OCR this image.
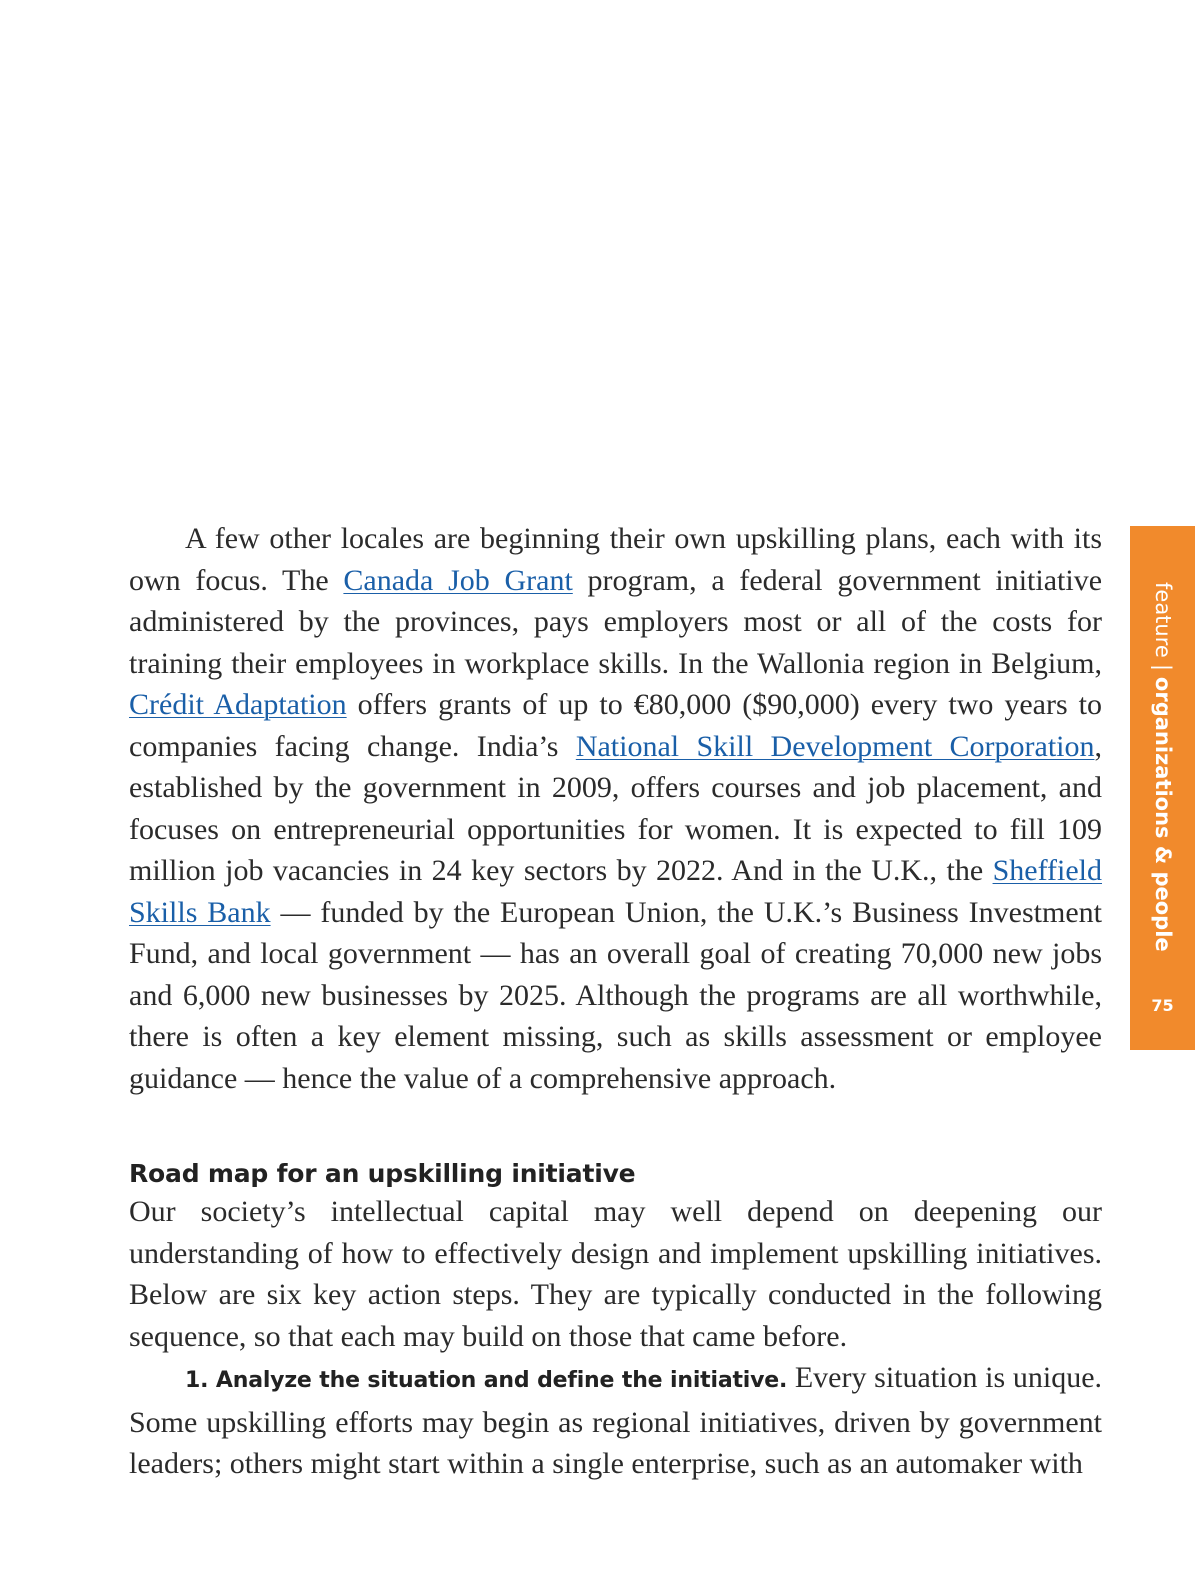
A few other locales are beginning their own upskilling plans, each with its own focus. The Canada Job Grant program, a federal government initiative administered by the provinces, pays employers most or all of the costs for training their employees in workplace skills. In the Wallonia region in Belgium, Crédit Adaptation offers grants of up to €80,000 ($90,000) every two years to companies facing change. India’s National Skill Development Corporation, established by the government in 2009, offers courses and job placement, and focuses on entrepreneurial opportunities for women. It is expected to fill 109 million job vacancies in 24 key sectors by 2022. And in the U.K., the Sheffield Skills Bank — funded by the European Union, the U.K.’s Business Investment Fund, and local government — has an overall goal of creating 70,000 new jobs and 6,000 new businesses by 2025. Although the programs are all worthwhile, there is often a key element missing, such as skills assessment or employee guidance — hence the value of a comprehensive approach.

Road map for an upskilling initiative

Our society’s intellectual capital may well depend on deepening our understanding of how to effectively design and implement upskilling initiatives. Below are six key action steps. They are typically conducted in the following sequence, so that each may build on those that came before.

1. Analyze the situation and define the initiative. Every situation is unique. Some upskilling efforts may begin as regional initiatives, driven by government leaders; others might start within a single enterprise, such as an automaker with

feature|organizations & people
75
